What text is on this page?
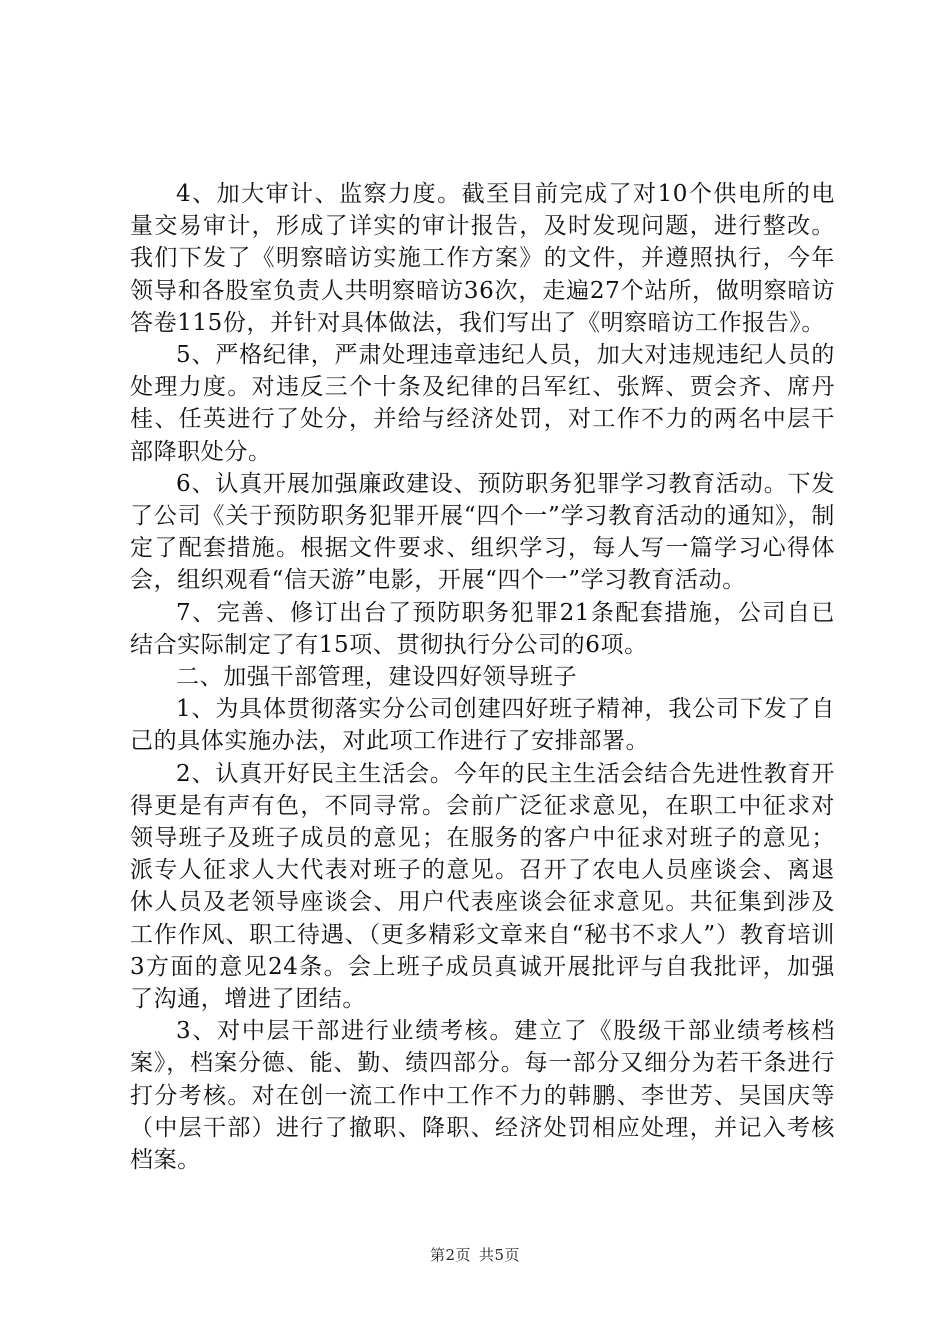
4、加大审计、监察力度。截至目前完成了对10个供电所的电量交易审计，形成了详实的审计报告，及时发现问题，进行整改。我们下发了《明察暗访实施工作方案》的文件，并遵照执行，今年领导和各股室负责人共明察暗访36次，走遍27个站所，做明察暗访答卷115份，并针对具体做法，我们写出了《明察暗访工作报告》。

5、严格纪律，严肃处理违章违纪人员，加大对违规违纪人员的处理力度。对违反三个十条及纪律的吕军红、张辉、贾会齐、席丹桂、任英进行了处分，并给与经济处罚，对工作不力的两名中层干部降职处分。

6、认真开展加强廉政建设、预防职务犯罪学习教育活动。下发了公司《关于预防职务犯罪开展“四个一”学习教育活动的通知》，制定了配套措施。根据文件要求、组织学习，每人写一篇学习心得体会，组织观看“信天游”电影，开展“四个一”学习教育活动。

7、完善、修订出台了预防职务犯罪21条配套措施，公司自已结合实际制定了有15项、贯彻执行分公司的6项。

二、加强干部管理，建设四好领导班子

1、为具体贯彻落实分公司创建四好班子精神，我公司下发了自己的具体实施办法，对此项工作进行了安排部署。

2、认真开好民主生活会。今年的民主生活会结合先进性教育开得更是有声有色，不同寻常。会前广泛征求意见，在职工中征求对领导班子及班子成员的意见；在服务的客户中征求对班子的意见；派专人征求人大代表对班子的意见。召开了农电人员座谈会、离退休人员及老领导座谈会、用户代表座谈会征求意见。共征集到涉及工作作风、职工待遇、（更多精彩文章来自“秘书不求人”）教育培训3方面的意见24条。会上班子成员真诚开展批评与自我批评，加强了沟通，增进了团结。

3、对中层干部进行业绩考核。建立了《股级干部业绩考核档案》，档案分德、能、勤、绩四部分。每一部分又细分为若干条进行打分考核。对在创一流工作中工作不力的韩鹏、李世芳、吴国庆等（中层干部）进行了撤职、降职、经济处罚相应处理，并记入考核档案。

第2页 共5页
